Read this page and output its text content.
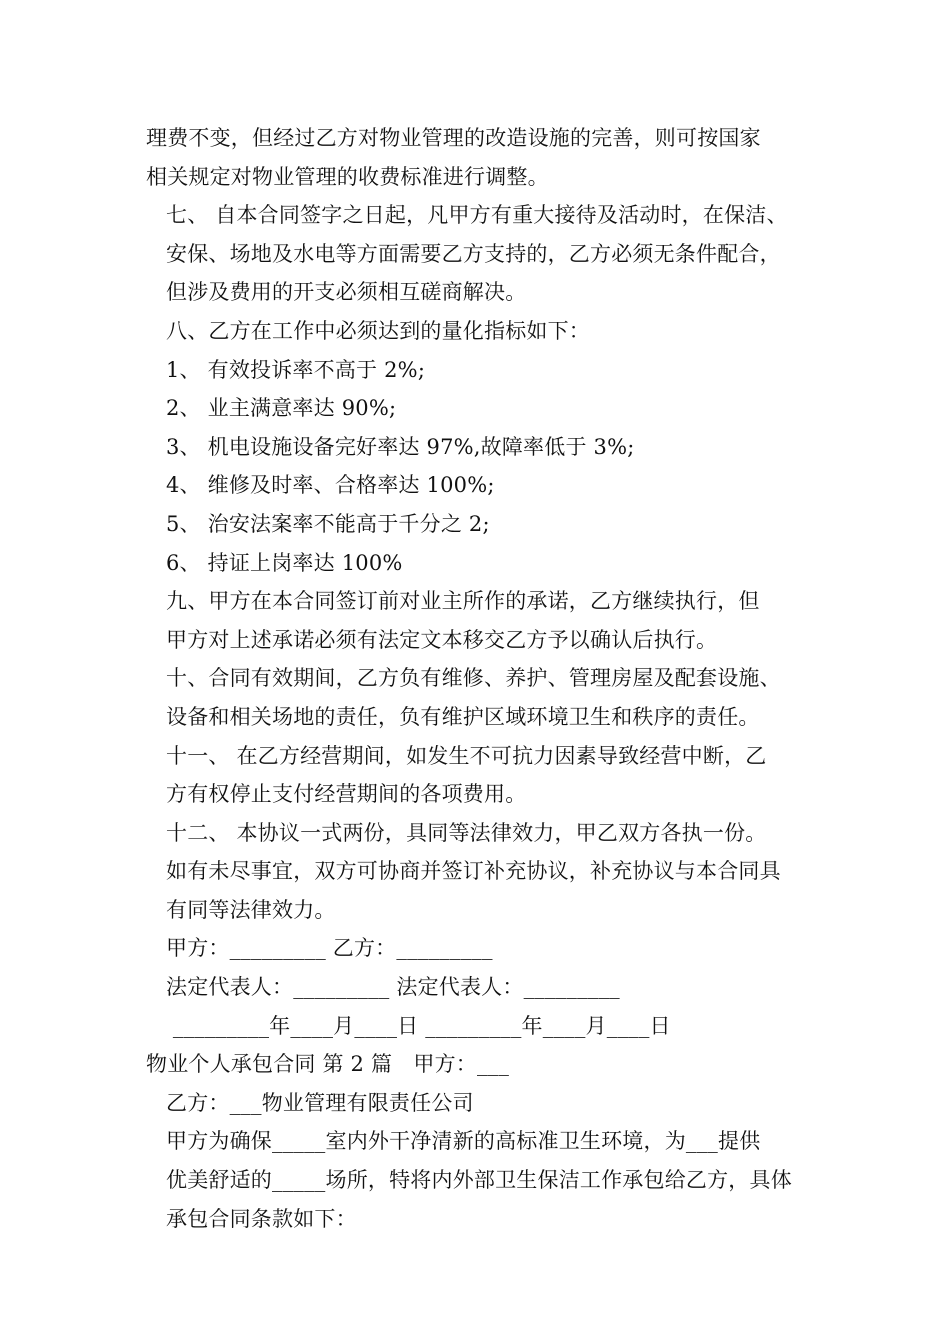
理费不变，但经过乙方对物业管理的改造设施的完善，则可按国家
相关规定对物业管理的收费标准进行调整。

七、 自本合同签字之日起，凡甲方有重大接待及活动时，在保洁、
安保、场地及水电等方面需要乙方支持的，乙方必须无条件配合，
但涉及费用的开支必须相互磋商解决。

八、乙方在工作中必须达到的量化指标如下：

1、 有效投诉率不高于 2%;

2、 业主满意率达 90%;

3、 机电设施设备完好率达 97%,故障率低于 3%;

4、 维修及时率、合格率达 100%;

5、 治安法案率不能高于千分之 2;

6、 持证上岗率达 100%

九、甲方在本合同签订前对业主所作的承诺，乙方继续执行，但
甲方对上述承诺必须有法定文本移交乙方予以确认后执行。

十、合同有效期间，乙方负有维修、养护、管理房屋及配套设施、
设备和相关场地的责任，负有维护区域环境卫生和秩序的责任。

十一、 在乙方经营期间，如发生不可抗力因素导致经营中断，乙
方有权停止支付经营期间的各项费用。

十二、 本协议一式两份，具同等法律效力，甲乙双方各执一份。
如有未尽事宜，双方可协商并签订补充协议，补充协议与本合同具
有同等法律效力。

甲方：_________ 乙方：_________

法定代表人：_________ 法定代表人：_________

_________年____月____日 _________年____月____日

物业个人承包合同 第 2 篇　甲方：___

乙方：___物业管理有限责任公司

甲方为确保_____室内外干净清新的高标准卫生环境，为___提供
优美舒适的_____场所，特将内外部卫生保洁工作承包给乙方，具体
承包合同条款如下：
